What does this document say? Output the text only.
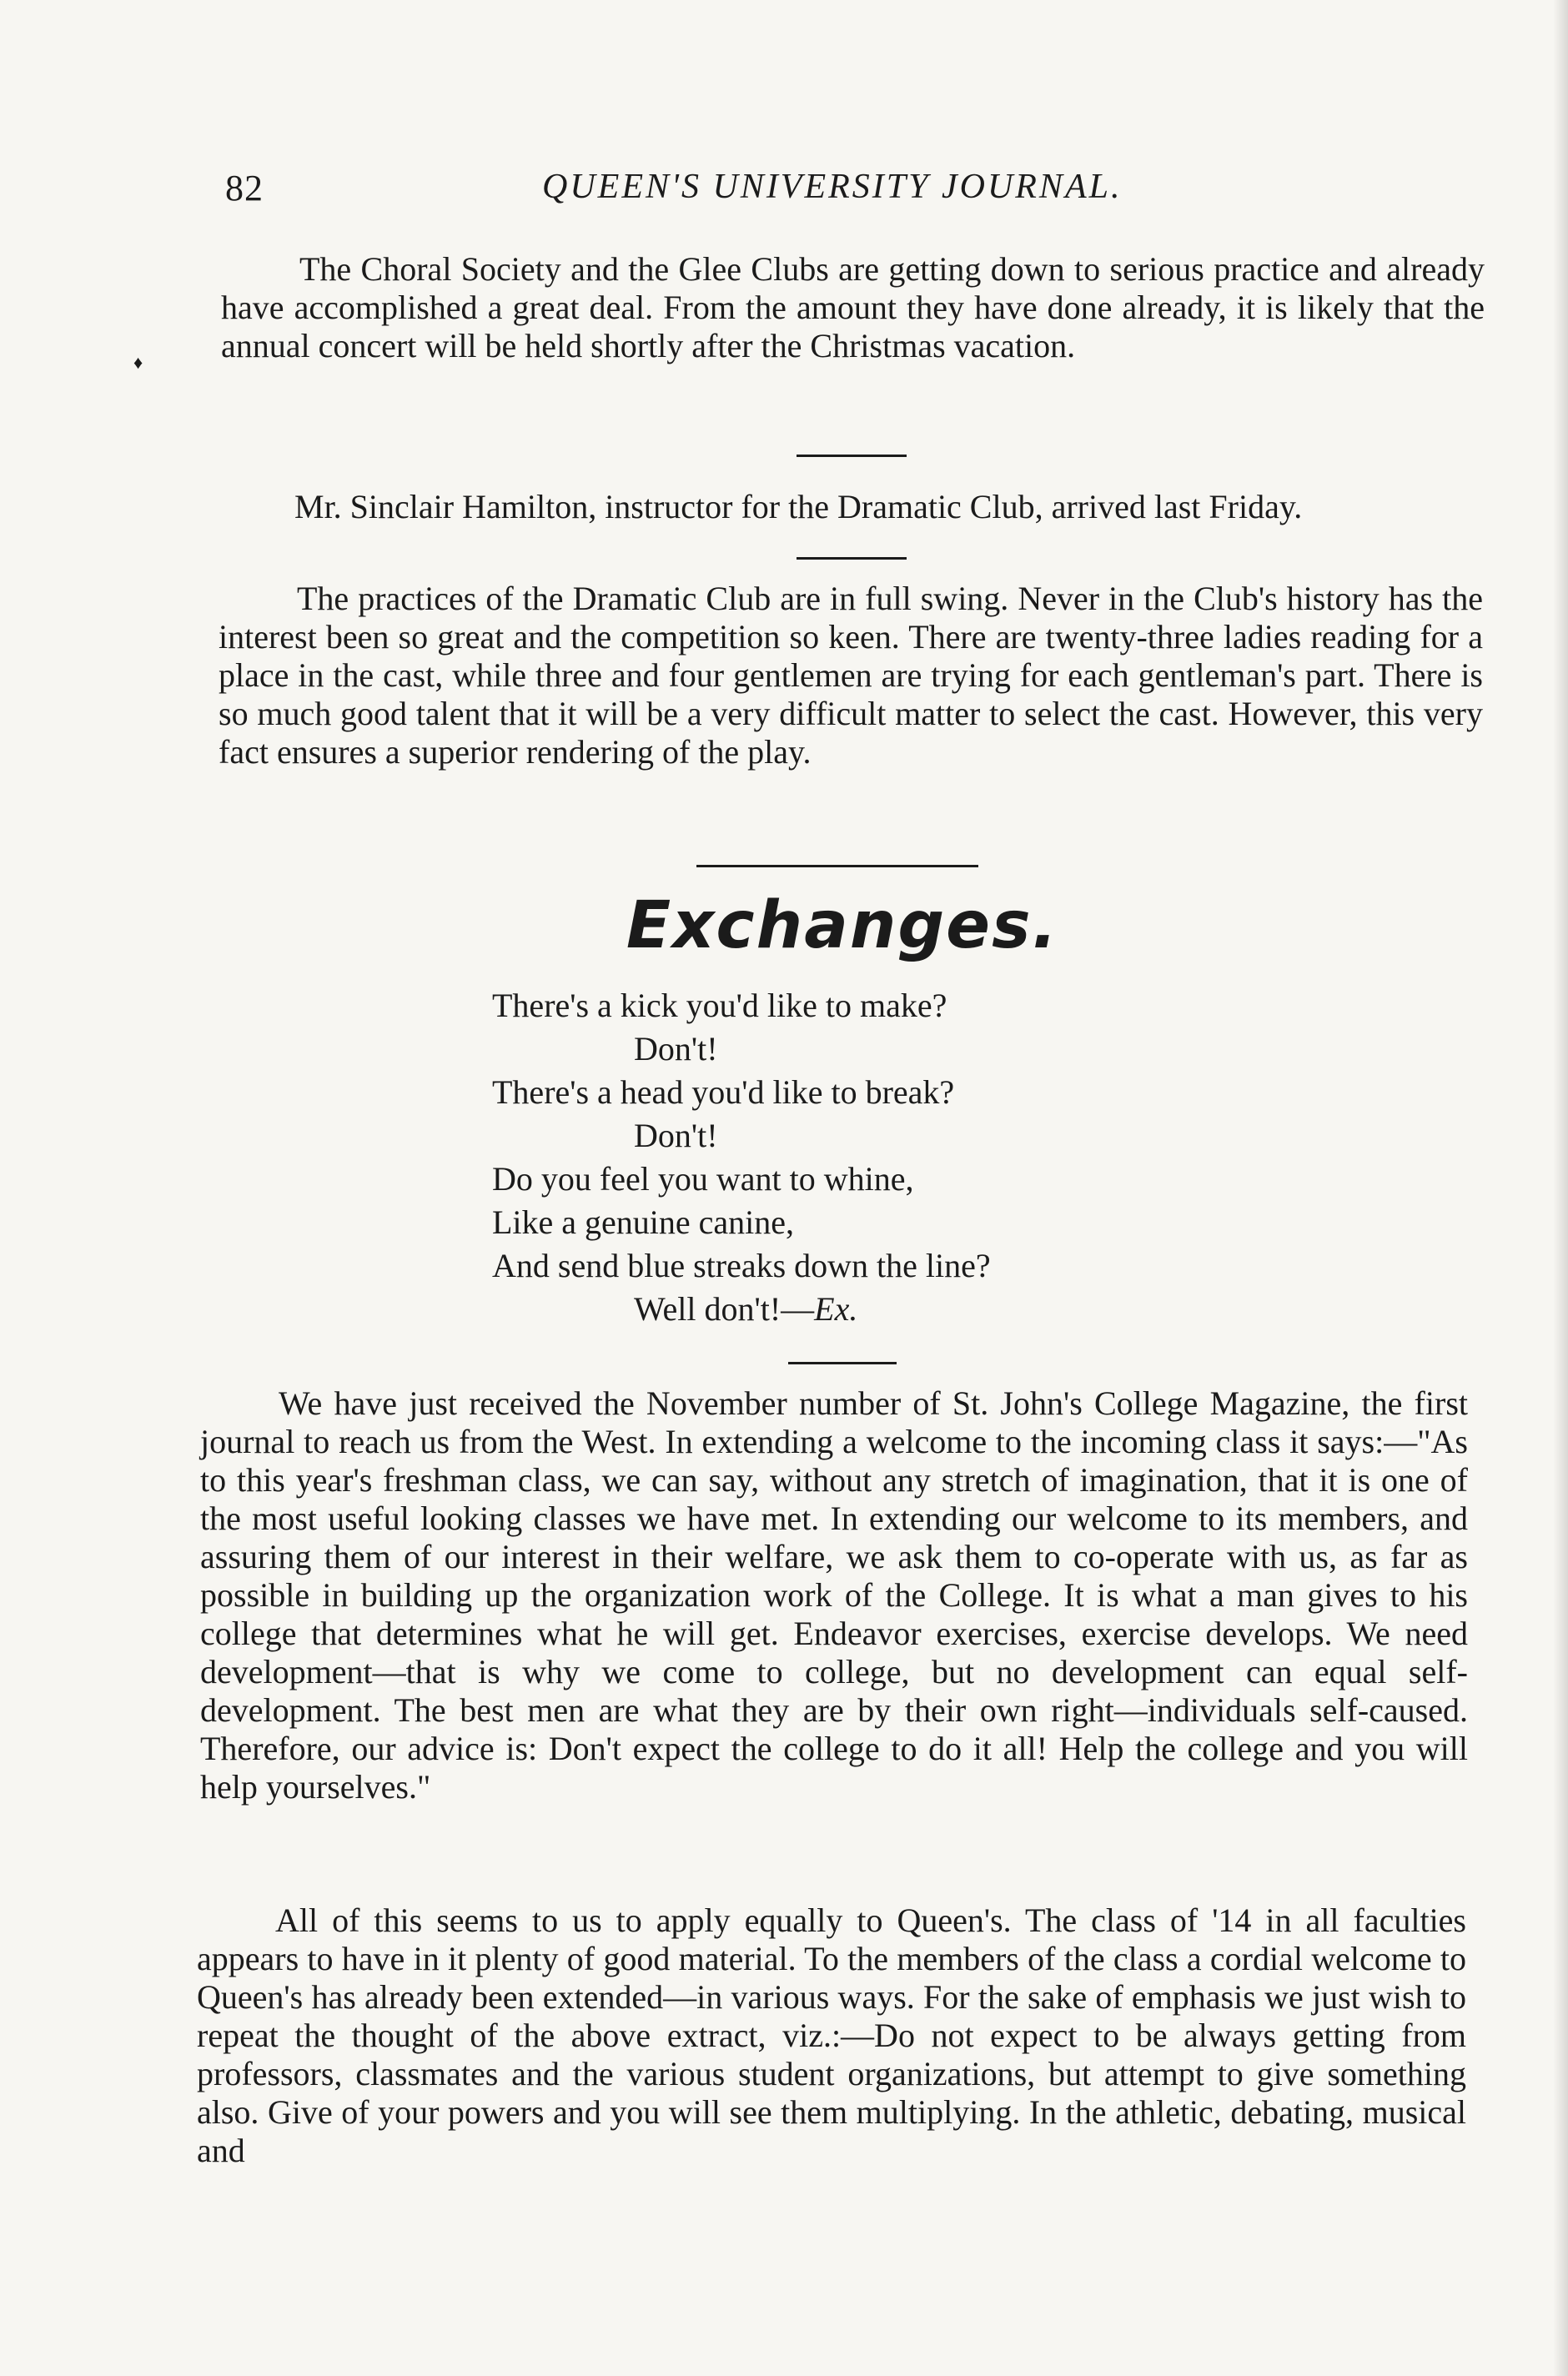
82	QUEEN'S UNIVERSITY JOURNAL.
♦

The Choral Society and the Glee Clubs are getting down to serious practice and already have accomplished a great deal. From the amount they have done already, it is likely that the annual concert will be held shortly after the Christmas vacation.

Mr. Sinclair Hamilton, instructor for the Dramatic Club, arrived last Friday.

The practices of the Dramatic Club are in full swing. Never in the Club's history has the interest been so great and the competition so keen. There are twenty-three ladies reading for a place in the cast, while three and four gentlemen are trying for each gentleman's part. There is so much good talent that it will be a very difficult matter to select the cast. However, this very fact ensures a superior rendering of the play.

Exchanges.
There's a kick you'd like to make?
Don't!
There's a head you'd like to break?
Don't!
Do you feel you want to whine,
Like a genuine canine,
And send blue streaks down the line?
Well don't!—Ex.

We have just received the November number of St. John's College Magazine, the first journal to reach us from the West. In extending a welcome to the incoming class it says:—"As to this year's freshman class, we can say, without any stretch of imagination, that it is one of the most useful looking classes we have met. In extending our welcome to its members, and assuring them of our interest in their welfare, we ask them to co-operate with us, as far as possible in building up the organization work of the College. It is what a man gives to his college that determines what he will get. Endeavor exercises, exercise develops. We need development—that is why we come to college, but no development can equal self-development. The best men are what they are by their own right—individuals self-caused. Therefore, our advice is: Don't expect the college to do it all! Help the college and you will help yourselves."

All of this seems to us to apply equally to Queen's. The class of '14 in all faculties appears to have in it plenty of good material. To the members of the class a cordial welcome to Queen's has already been extended—in various ways. For the sake of emphasis we just wish to repeat the thought of the above extract, viz.:—Do not expect to be always getting from professors, classmates and the various student organizations, but attempt to give something also. Give of your powers and you will see them multiplying. In the athletic, debating, musical and
